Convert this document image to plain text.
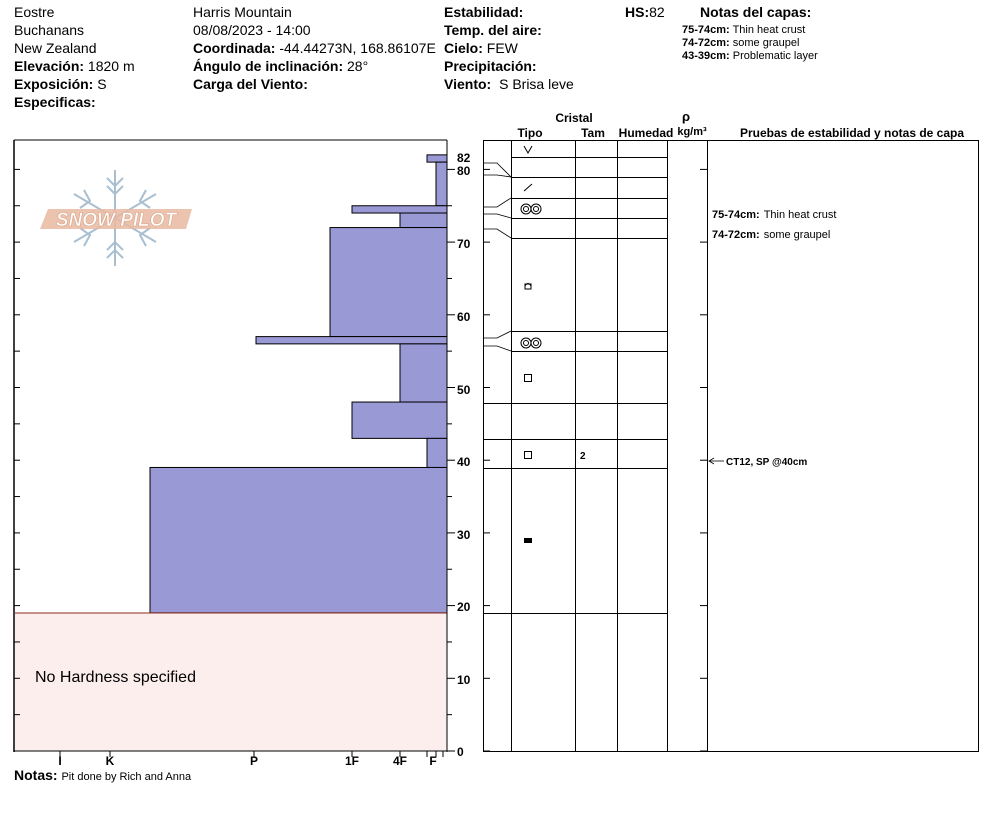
Eostre
Buchanans
New Zealand
Elevación: 1820 m
Exposición: S
Especificas:
Harris Mountain
08/08/2023 - 14:00
Coordinada: -44.44273N, 168.86107E
Ángulo de inclinación: 28°
Carga del Viento:
Estabilidad:
Temp. del aire:
Cielo: FEW
Precipitación:
Viento: S Brisa leve
HS:82	Notas del capas:
75-74cm: Thin heat crust
74-72cm: some graupel
43-39cm: Problematic layer
No Hardness specified
I	K	P	1F	4F F
82
80
70
60
50
40
30
20
10
0
SNOW PILOT
Cristal
Tipo	Tam Humedad
ρ
kg/m³	Pruebas de estabilidad y notas de capa
2
75-74cm: Thin heat crust
74-72cm: some graupel
CT12, SP @40cm
Notas: Pit done by Rich and Anna
